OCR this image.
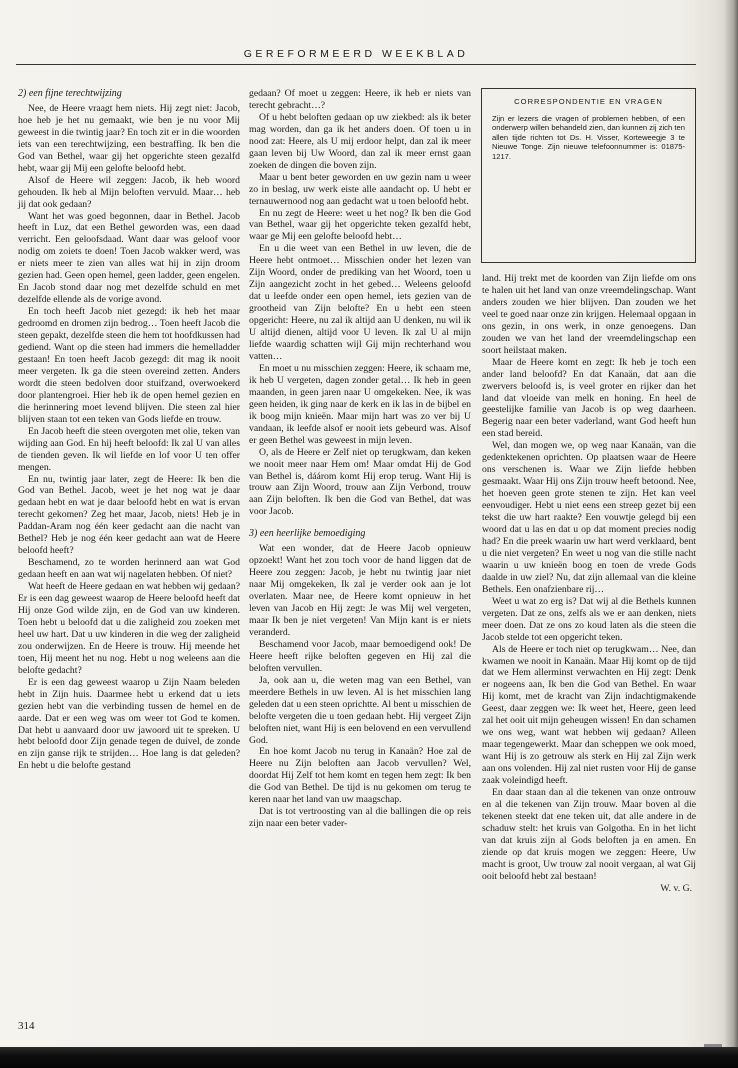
GEREFORMEERD WEEKBLAD

2) een fijne terechtwijzing

Nee, de Heere vraagt hem niets. Hij zegt niet: Jacob, hoe heb je het nu gemaakt, wie ben je nu voor Mij geweest in die twintig jaar? En toch zit er in die woorden iets van een terechtwijzing, een bestraffing. Ik ben die God van Bethel, waar gij het opgerichte steen gezalfd hebt, waar gij Mij een gelofte beloofd hebt.

Alsof de Heere wil zeggen: Jacob, ik heb woord gehouden. Ik heb al Mijn beloften vervuld. Maar… heb jij dat ook gedaan?

Want het was goed begonnen, daar in Bethel. Jacob heeft in Luz, dat een Bethel geworden was, een daad verricht. Een geloofsdaad. Want daar was geloof voor nodig om zoiets te doen! Toen Jacob wakker werd, was er niets meer te zien van alles wat hij in zijn droom gezien had. Geen open hemel, geen ladder, geen engelen. En Jacob stond daar nog met dezelfde schuld en met dezelfde ellende als de vorige avond.

En toch heeft Jacob niet gezegd: ik heb het maar gedroomd en dromen zijn bedrog… Toen heeft Jacob die steen gepakt, dezelfde steen die hem tot hoofdkussen had gediend. Want op die steen had immers die hemelladder gestaan! En toen heeft Jacob gezegd: dit mag ik nooit meer vergeten. Ik ga die steen overeind zetten. Anders wordt die steen bedolven door stuifzand, overwoekerd door plantengroei. Hier heb ik de open hemel gezien en die herinnering moet levend blijven. Die steen zal hier blijven staan tot een teken van Gods liefde en trouw.

En Jacob heeft die steen overgoten met olie, teken van wijding aan God. En hij heeft beloofd: Ik zal U van alles de tienden geven. Ik wil liefde en lof voor U ten offer mengen.

En nu, twintig jaar later, zegt de Heere: Ik ben die God van Bethel. Jacob, weet je het nog wat je daar gedaan hebt en wat je daar beloofd hebt en wat is ervan terecht gekomen? Zeg het maar, Jacob, niets! Heb je in Paddan-Aram nog één keer gedacht aan die nacht van Bethel? Heb je nog één keer gedacht aan wat de Heere beloofd heeft?

Beschamend, zo te worden herinnerd aan wat God gedaan heeft en aan wat wij nagelaten hebben. Of niet?

Wat heeft de Heere gedaan en wat hebben wij gedaan? Er is een dag geweest waarop de Heere beloofd heeft dat Hij onze God wilde zijn, en de God van uw kinderen. Toen hebt u beloofd dat u die zaligheid zou zoeken met heel uw hart. Dat u uw kinderen in die weg der zaligheid zou onderwijzen. En de Heere is trouw. Hij meende het toen, Hij meent het nu nog. Hebt u nog weleens aan die belofte gedacht?

Er is een dag geweest waarop u Zijn Naam beleden hebt in Zijn huis. Daarmee hebt u erkend dat u iets gezien hebt van die verbinding tussen de hemel en de aarde. Dat er een weg was om weer tot God te komen. Dat hebt u aanvaard door uw jawoord uit te spreken. U hebt beloofd door Zijn genade tegen de duivel, de zonde en zijn ganse rijk te strijden… Hoe lang is dat geleden? En hebt u die belofte gestand

gedaan? Of moet u zeggen: Heere, ik heb er niets van terecht gebracht…?

Of u hebt beloften gedaan op uw ziekbed: als ik beter mag worden, dan ga ik het anders doen. Of toen u in nood zat: Heere, als U mij erdoor helpt, dan zal ik meer gaan leven bij Uw Woord, dan zal ik meer ernst gaan zoeken de dingen die boven zijn.

Maar u bent beter geworden en uw gezin nam u weer zo in beslag, uw werk eiste alle aandacht op. U hebt er ternauwernood nog aan gedacht wat u toen beloofd hebt.

En nu zegt de Heere: weet u het nog? Ik ben die God van Bethel, waar gij het opgerichte teken gezalfd hebt, waar ge Mij een gelofte beloofd hebt…

En u die weet van een Bethel in uw leven, die de Heere hebt ontmoet… Misschien onder het lezen van Zijn Woord, onder de prediking van het Woord, toen u Zijn aangezicht zocht in het gebed… Weleens geloofd dat u leefde onder een open hemel, iets gezien van de grootheid van Zijn belofte? En u hebt een steen opgericht: Heere, nu zal ik altijd aan U denken, nu wil ik U altijd dienen, altijd voor U leven. Ik zal U al mijn liefde waardig schatten wijl Gij mijn rechterhand wou vatten…

En moet u nu misschien zeggen: Heere, ik schaam me, ik heb U vergeten, dagen zonder getal… Ik heb in geen maanden, in geen jaren naar U omgekeken. Nee, ik was geen heiden, ik ging naar de kerk en ik las in de bijbel en ik boog mijn knieën. Maar mijn hart was zo ver bij U vandaan, ik leefde alsof er nooit iets gebeurd was. Alsof er geen Bethel was geweest in mijn leven.

O, als de Heere er Zelf niet op terugkwam, dan keken we nooit meer naar Hem om! Maar omdat Hij de God van Bethel is, dáárom komt Hij erop terug. Want Hij is trouw aan Zijn Woord, trouw aan Zijn Verbond, trouw aan Zijn beloften. Ik ben die God van Bethel, dat was voor Jacob.

3) een heerlijke bemoediging

Wat een wonder, dat de Heere Jacob opnieuw opzoekt! Want het zou toch voor de hand liggen dat de Heere zou zeggen: Jacob, je hebt nu twintig jaar niet naar Mij omgekeken, Ik zal je verder ook aan je lot overlaten. Maar nee, de Heere komt opnieuw in het leven van Jacob en Hij zegt: Je was Mij wel vergeten, maar Ik ben je niet vergeten! Van Mijn kant is er niets veranderd.

Beschamend voor Jacob, maar bemoedigend ook! De Heere heeft rijke beloften gegeven en Hij zal die beloften vervullen.

Ja, ook aan u, die weten mag van een Bethel, van meerdere Bethels in uw leven. Al is het misschien lang geleden dat u een steen oprichtte. Al bent u misschien de belofte vergeten die u toen gedaan hebt. Hij vergeet Zijn beloften niet, want Hij is een belovend en een vervullend God.

En hoe komt Jacob nu terug in Kanaän? Hoe zal de Heere nu Zijn beloften aan Jacob vervullen? Wel, doordat Hij Zelf tot hem komt en tegen hem zegt: Ik ben die God van Bethel. De tijd is nu gekomen om terug te keren naar het land van uw maagschap.

Dat is tot vertroosting van al die ballingen die op reis zijn naar een beter vader-

CORRESPONDENTIE EN VRAGEN
Zijn er lezers die vragen of problemen hebben, of een onderwerp willen behandeld zien, dan kunnen zij zich ten allen tijde richten tot Ds. H. Visser, Korteweegje 3 te Nieuwe Tonge. Zijn nieuwe telefoonnummer is: 01875-1217.

land. Hij trekt met de koorden van Zijn liefde om ons te halen uit het land van onze vreemdelingschap. Want anders zouden we hier blijven. Dan zouden we het veel te goed naar onze zin krijgen. Helemaal opgaan in ons gezin, in ons werk, in onze genoegens. Dan zouden we van het land der vreemdelingschap een soort heilstaat maken.

Maar de Heere komt en zegt: Ik heb je toch een ander land beloofd? En dat Kanaän, dat aan die zwervers beloofd is, is veel groter en rijker dan het land dat vloeide van melk en honing. En heel de geestelijke familie van Jacob is op weg daarheen. Begerig naar een beter vaderland, want God heeft hun een stad bereid.

Wel, dan mogen we, op weg naar Kanaän, van die gedenktekenen oprichten. Op plaatsen waar de Heere ons verschenen is. Waar we Zijn liefde hebben gesmaakt. Waar Hij ons Zijn trouw heeft betoond. Nee, het hoeven geen grote stenen te zijn. Het kan veel eenvoudiger. Hebt u niet eens een streep gezet bij een tekst die uw hart raakte? Een vouwtje gelegd bij een woord dat u las en dat u op dat moment precies nodig had? En die preek waarin uw hart werd verklaard, bent u die niet vergeten? En weet u nog van die stille nacht waarin u uw knieën boog en toen de vrede Gods daalde in uw ziel? Nu, dat zijn allemaal van die kleine Bethels. Een onafzienbare rij…

Weet u wat zo erg is? Dat wij al die Bethels kunnen vergeten. Dat ze ons, zelfs als we er aan denken, niets meer doen. Dat ze ons zo koud laten als die steen die Jacob stelde tot een opgericht teken.

Als de Heere er toch niet op terugkwam… Nee, dan kwamen we nooit in Kanaän. Maar Hij komt op de tijd dat we Hem allerminst verwachten en Hij zegt: Denk er nogeens aan, Ik ben die God van Bethel. En waar Hij komt, met de kracht van Zijn indachtigmakende Geest, daar zeggen we: Ik weet het, Heere, geen leed zal het ooit uit mijn geheugen wissen! En dan schamen we ons weg, want wat hebben wij gedaan? Alleen maar tegengewerkt. Maar dan scheppen we ook moed, want Hij is zo getrouw als sterk en Hij zal Zijn werk aan ons volenden. Hij zal niet rusten voor Hij de ganse zaak voleindigd heeft.

En daar staan dan al die tekenen van onze ontrouw en al die tekenen van Zijn trouw. Maar boven al die tekenen steekt dat ene teken uit, dat alle andere in de schaduw stelt: het kruis van Golgotha. En in het licht van dat kruis zijn al Gods beloften ja en amen. En ziende op dat kruis mogen we zeggen: Heere, Uw macht is groot, Uw trouw zal nooit vergaan, al wat Gij ooit beloofd hebt zal bestaan!

W. v. G.

314
